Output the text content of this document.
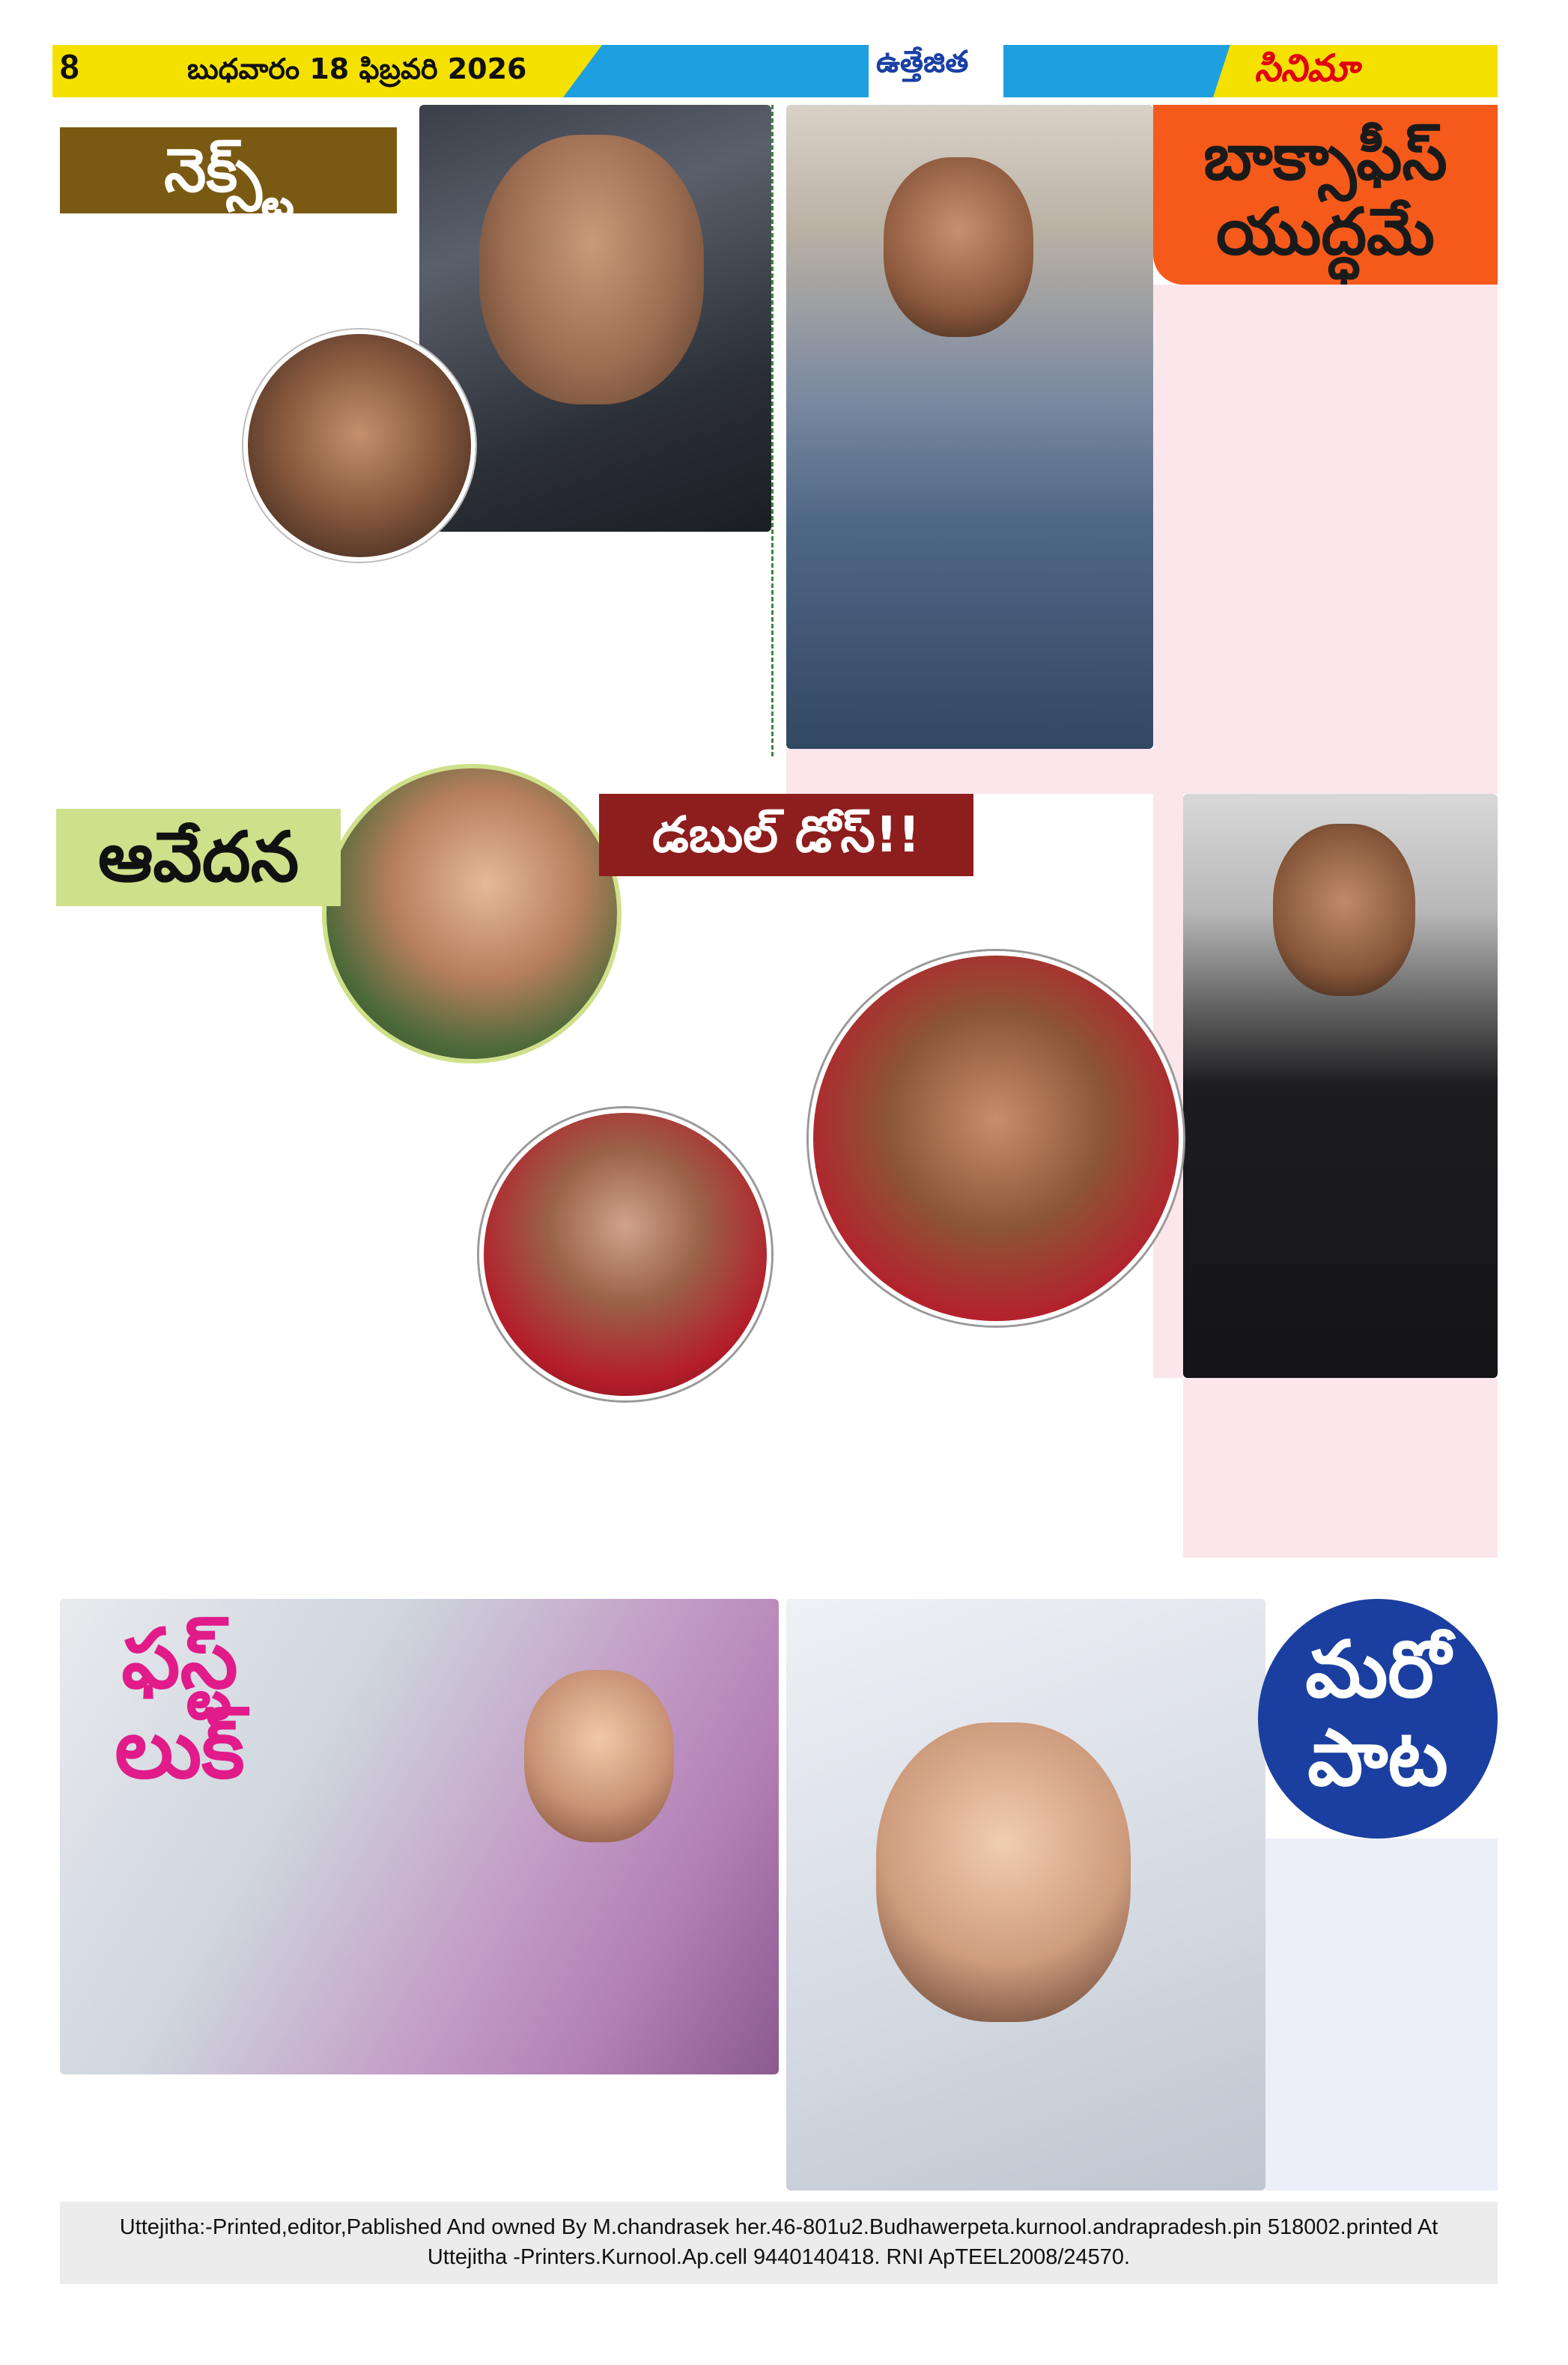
8	బుధవారం 18 ఫిబ్రవరి 2026	ఉత్తేజిత	సినిమా
నెక్స్ట్ మూవీ..
బాక్సాఫీస్
యుద్ధమే
ఆవేదన	డబుల్ డోస్!!
ఫస్ట్
లుక్
మరో
పాట
Uttejitha:-Printed,editor,Pablished And owned By M.chandrasek her.46-801u2.Budhawerpeta.kurnool.andrapradesh.pin 518002.printed At
Uttejitha -Printers.Kurnool.Ap.cell 9440140418. RNI ApTEEL2008/24570.
